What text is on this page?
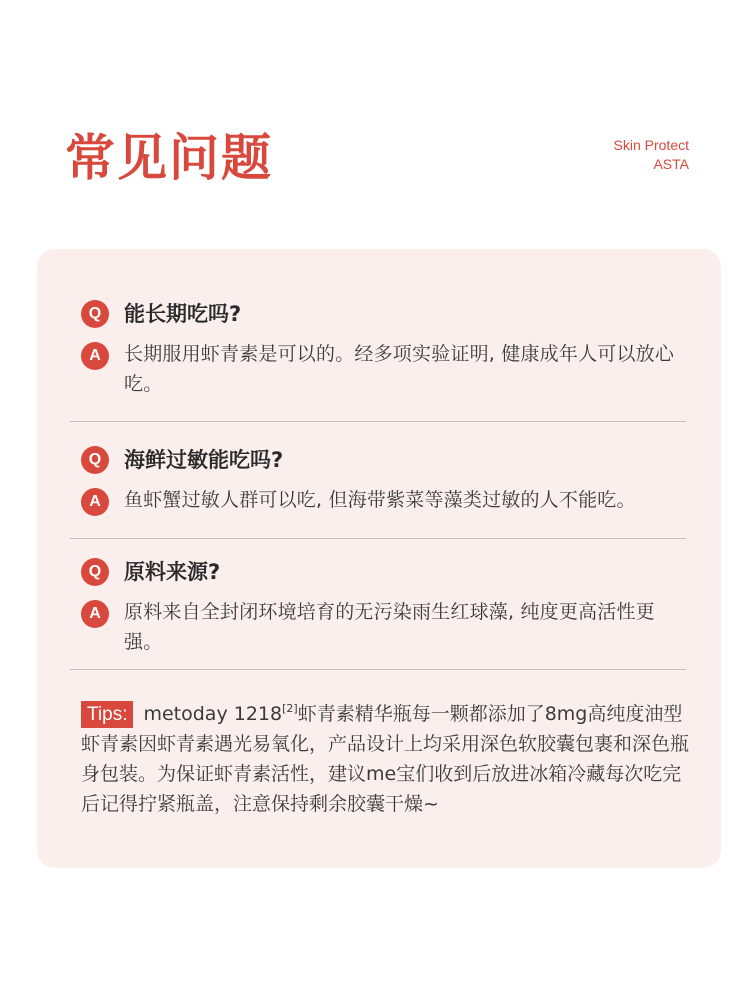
常见问题	Skin Protect
ASTA
Q	能长期吃吗?
A	长期服用虾青素是可以的。经多项实验证明, 健康成年人可以放心吃。
Q	海鲜过敏能吃吗?
A	鱼虾蟹过敏人群可以吃, 但海带紫菜等藻类过敏的人不能吃。
Q	原料来源?
A	原料来自全封闭环境培育的无污染雨生红球藻, 纯度更高活性更强。
Tips: metoday 1218[2]虾青素精华瓶每一颗都添加了8mg高纯度油型虾青素因虾青素遇光易氧化，产品设计上均采用深色软胶囊包裹和深色瓶身包装。为保证虾青素活性，建议me宝们收到后放进冰箱冷藏每次吃完后记得拧紧瓶盖，注意保持剩余胶囊干燥~
